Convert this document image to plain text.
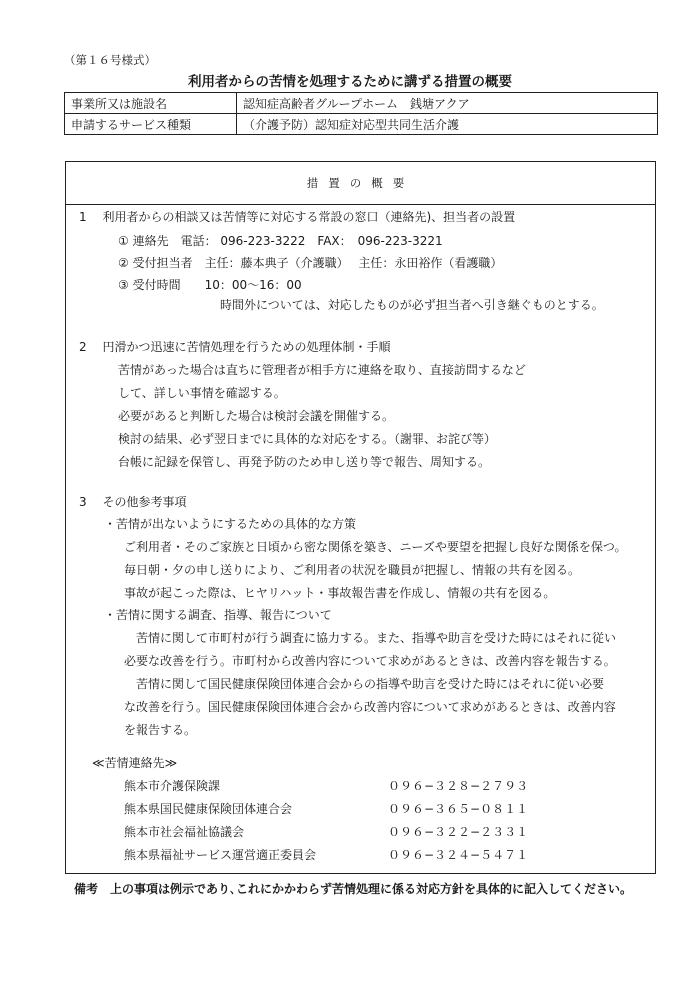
（第１６号様式）
利用者からの苦情を処理するために講ずる措置の概要
事業所又は施設名	認知症高齢者グループホーム　銭塘アクア
申請するサービス種類	（介護予防）認知症対応型共同生活介護
措置の概要
1　 利用者からの相談又は苦情等に対応する常設の窓口（連絡先)、担当者の設置
① 連絡先　電話： 096-223-3222　FAX：　096-223-3221
② 受付担当者　主任：藤本典子（介護職）　 主任：永田裕作（看護職）
③ 受付時間　　10：00〜16：00
時間外については、対応したものが必ず担当者へ引き継ぐものとする。
2　 円滑かつ迅速に苦情処理を行うための処理体制・手順
苦情があった場合は直ちに管理者が相手方に連絡を取り、直接訪問するなど
して、詳しい事情を確認する。
必要があると判断した場合は検討会議を開催する。
検討の結果、必ず翌日までに具体的な対応をする。（謝罪、お詫び等）
台帳に記録を保管し、再発予防のため申し送り等で報告、周知する。
3　 その他参考事項
・苦情が出ないようにするための具体的な方策
ご利用者・そのご家族と日頃から密な関係を築き、ニーズや要望を把握し良好な関係を保つ。
毎日朝・夕の申し送りにより、ご利用者の状況を職員が把握し、情報の共有を図る。
事故が起こった際は、ヒヤリハット・事故報告書を作成し、情報の共有を図る。
・苦情に関する調査、指導、報告について
苦情に関して市町村が行う調査に協力する。また、指導や助言を受けた時にはそれに従い
必要な改善を行う。市町村から改善内容について求めがあるときは、改善内容を報告する。
苦情に関して国民健康保険団体連合会からの指導や助言を受けた時にはそれに従い必要
な改善を行う。国民健康保険団体連合会から改善内容について求めがあるときは、改善内容
を報告する。
≪苦情連絡先≫
熊本市介護保険課	０９６−３２８−２７９３
熊本県国民健康保険団体連合会	０９６−３６５−０８１１
熊本市社会福祉協議会	０９６−３２２−２３３１
熊本県福祉サービス運営適正委員会	０９６−３２４−５４７１
備考　上の事項は例示であり､これにかかわらず苦情処理に係る対応方針を具体的に記入してください。
